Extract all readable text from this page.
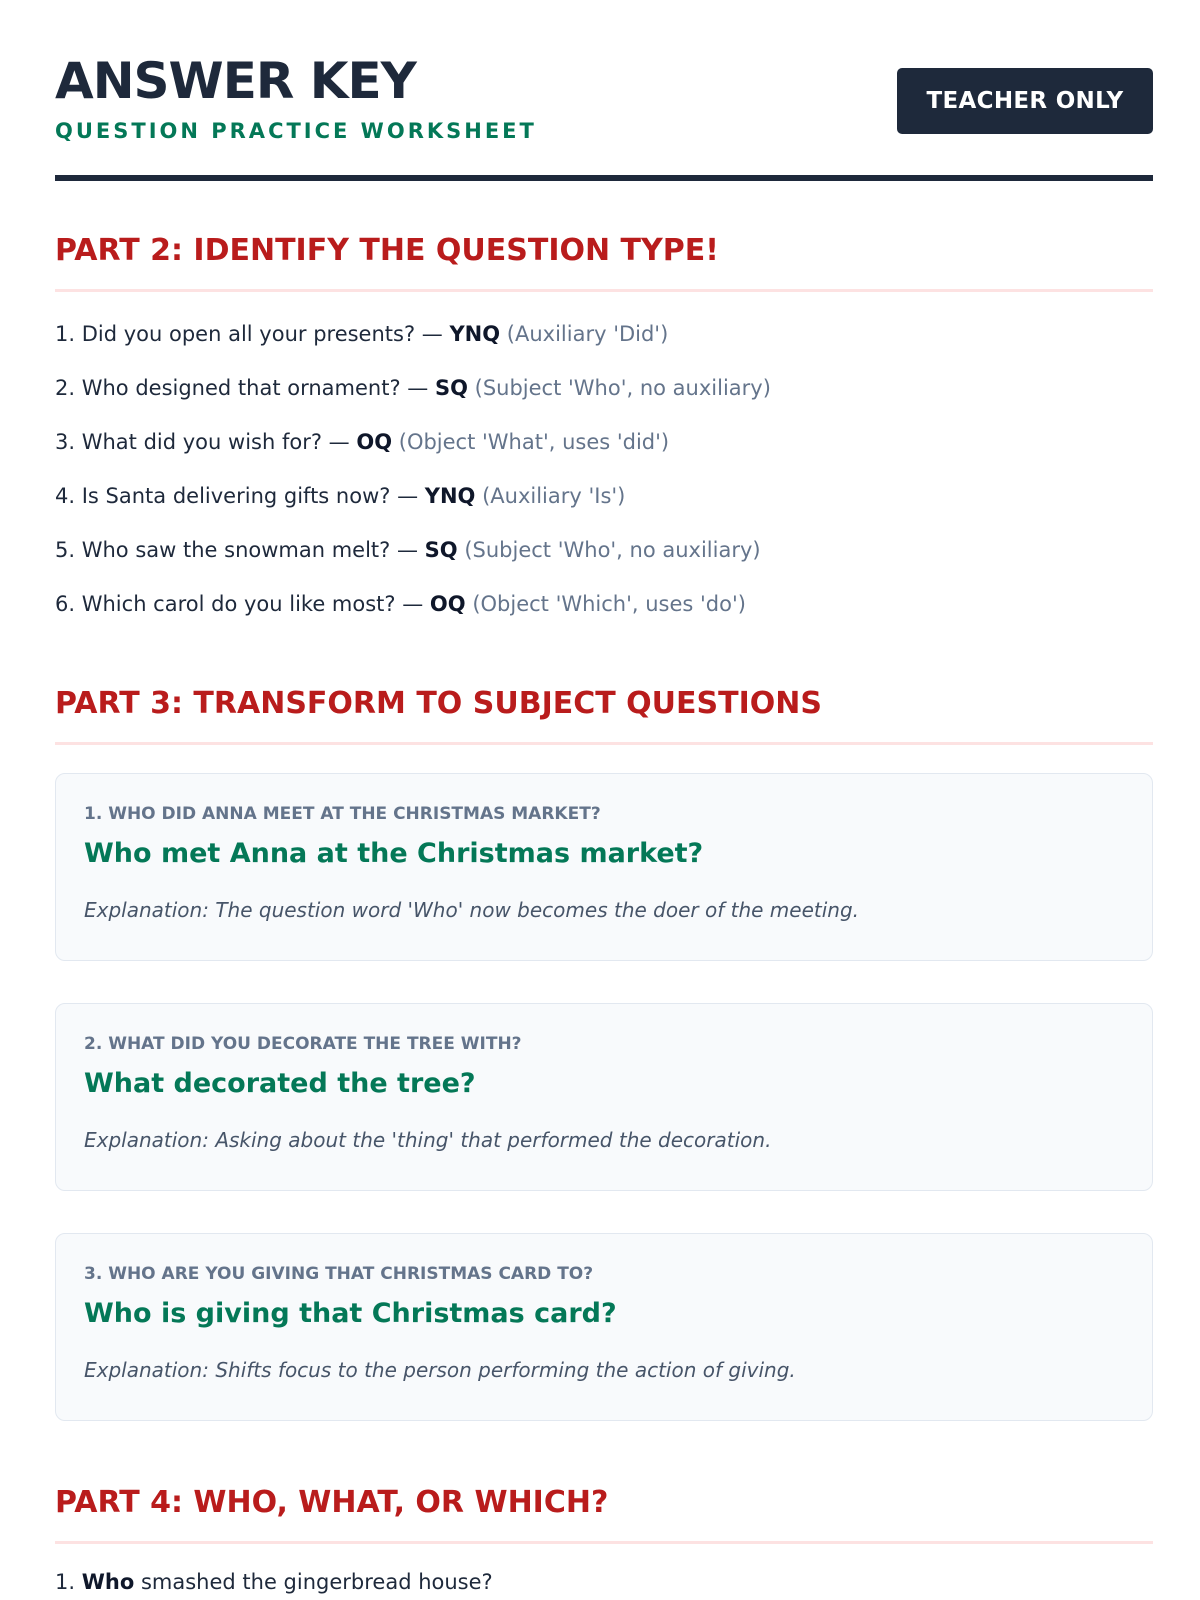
ANSWER KEY
QUESTION PRACTICE WORKSHEET
TEACHER ONLY
PART 2: IDENTIFY THE QUESTION TYPE!
1. Did you open all your presents? — YNQ (Auxiliary 'Did')
2. Who designed that ornament? — SQ (Subject 'Who', no auxiliary)
3. What did you wish for? — OQ (Object 'What', uses 'did')
4. Is Santa delivering gifts now? — YNQ (Auxiliary 'Is')
5. Who saw the snowman melt? — SQ (Subject 'Who', no auxiliary)
6. Which carol do you like most? — OQ (Object 'Which', uses 'do')
PART 3: TRANSFORM TO SUBJECT QUESTIONS
1. WHO DID ANNA MEET AT THE CHRISTMAS MARKET?
Who met Anna at the Christmas market?
Explanation: The question word 'Who' now becomes the doer of the meeting.
2. WHAT DID YOU DECORATE THE TREE WITH?
What decorated the tree?
Explanation: Asking about the 'thing' that performed the decoration.
3. WHO ARE YOU GIVING THAT CHRISTMAS CARD TO?
Who is giving that Christmas card?
Explanation: Shifts focus to the person performing the action of giving.
PART 4: WHO, WHAT, OR WHICH?
1. Who smashed the gingerbread house?
